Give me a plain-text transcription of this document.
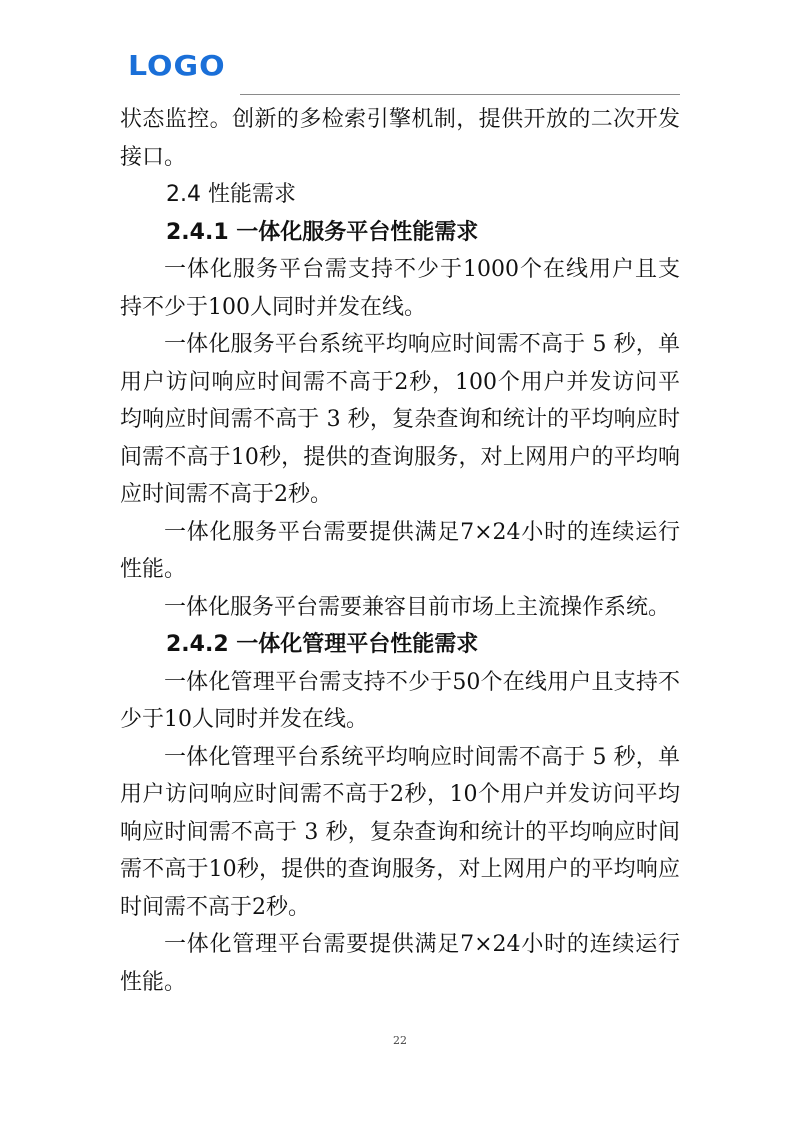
LOGO

状态监控。创新的多检索引擎机制，提供开放的二次开发接口。

2.4 性能需求
2.4.1 一体化服务平台性能需求

一体化服务平台需支持不少于1000个在线用户且支持不少于100人同时并发在线。

一体化服务平台系统平均响应时间需不高于 5 秒，单用户访问响应时间需不高于2秒，100个用户并发访问平均响应时间需不高于 3 秒，复杂查询和统计的平均响应时间需不高于10秒，提供的查询服务，对上网用户的平均响应时间需不高于2秒。

一体化服务平台需要提供满足7×24小时的连续运行性能。

一体化服务平台需要兼容目前市场上主流操作系统。

2.4.2 一体化管理平台性能需求

一体化管理平台需支持不少于50个在线用户且支持不少于10人同时并发在线。

一体化管理平台系统平均响应时间需不高于 5 秒，单用户访问响应时间需不高于2秒，10个用户并发访问平均响应时间需不高于 3 秒，复杂查询和统计的平均响应时间需不高于10秒，提供的查询服务，对上网用户的平均响应时间需不高于2秒。

一体化管理平台需要提供满足7×24小时的连续运行性能。

22
